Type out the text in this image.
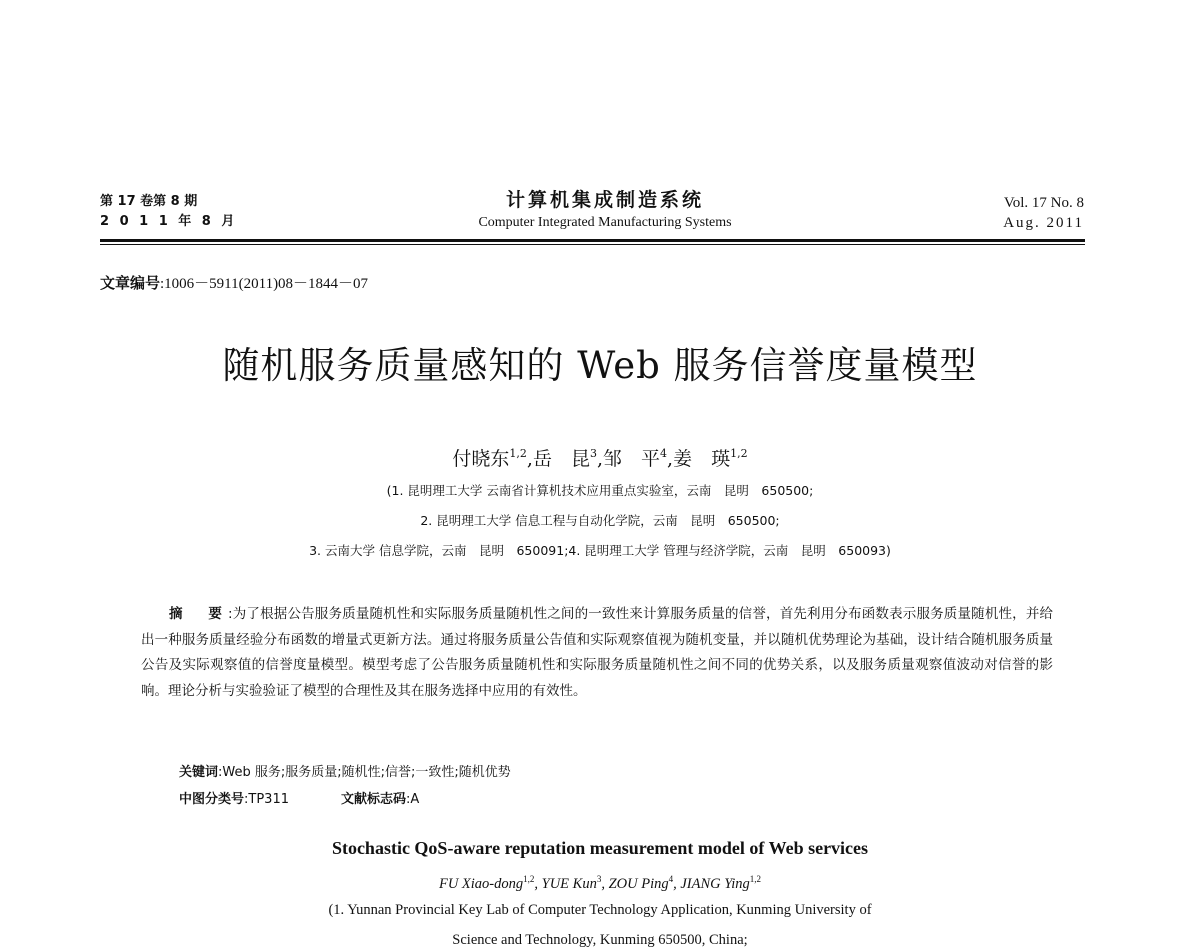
第 17 卷第 8 期
2 0 1 1 年 8 月
计算机集成制造系统
Computer Integrated Manufacturing Systems
Vol. 17 No. 8
Aug. 2011
文章编号:1006－5911(2011)08－1844－07
随机服务质量感知的 Web 服务信誉度量模型
付晓东$^{1,2}$,岳　昆$^3$,邹　平$^4$,姜　瑛$^{1,2}$
(1. 昆明理工大学 云南省计算机技术应用重点实验室，云南　昆明　650500;
2. 昆明理工大学 信息工程与自动化学院，云南　昆明　650500;
3. 云南大学 信息学院，云南　昆明　650091;4. 昆明理工大学 管理与经济学院，云南　昆明　650093)
摘　要:为了根据公告服务质量随机性和实际服务质量随机性之间的一致性来计算服务质量的信誉，首先利用分布函数表示服务质量随机性，并给出一种服务质量经验分布函数的增量式更新方法。通过将服务质量公告值和实际观察值视为随机变量，并以随机优势理论为基础，设计结合随机服务质量公告及实际观察值的信誉度量模型。模型考虑了公告服务质量随机性和实际服务质量随机性之间不同的优势关系，以及服务质量观察值波动对信誉的影响。理论分析与实验验证了模型的合理性及其在服务选择中应用的有效性。
关键词:Web 服务;服务质量;随机性;信誉;一致性;随机优势
中图分类号:TP311	文献标志码:A
Stochastic QoS-aware reputation measurement model of Web services
FU Xiao-dong$^{1,2}$, YUE Kun$^3$, ZOU Ping$^4$, JIANG Ying$^{1,2}$
(1. Yunnan Provincial Key Lab of Computer Technology Application, Kunming University of
Science and Technology, Kunming 650500, China;
